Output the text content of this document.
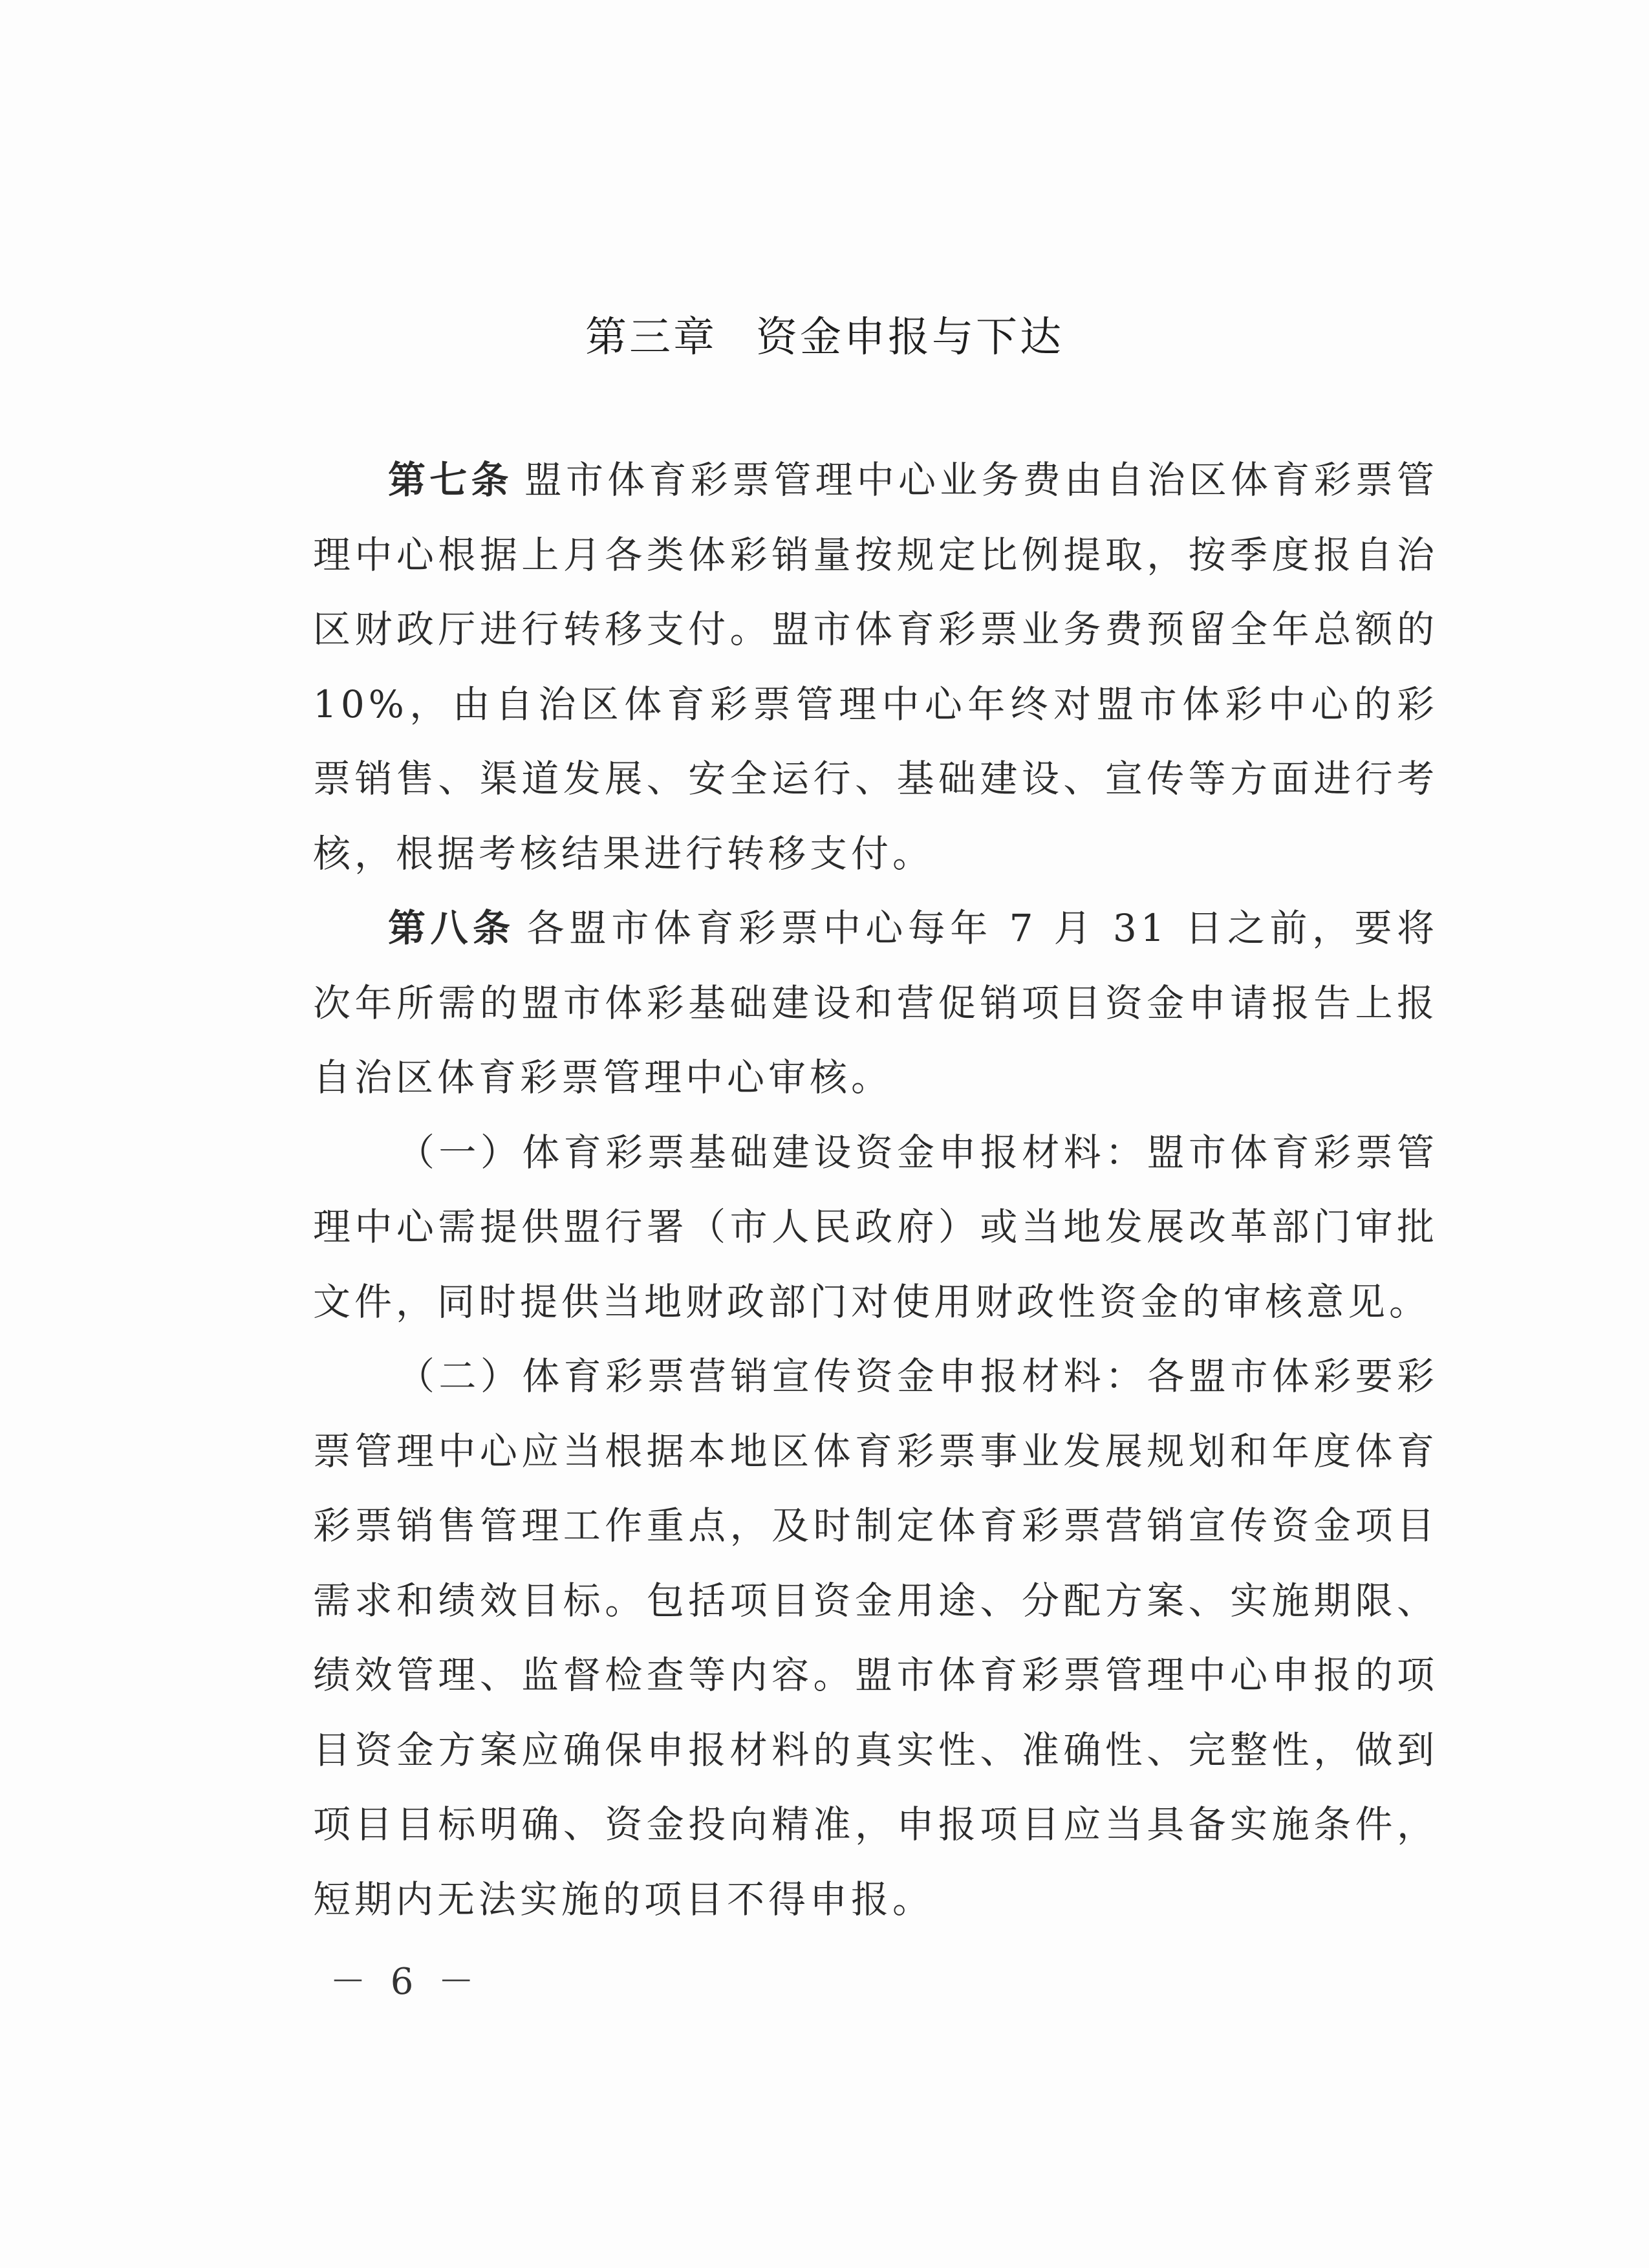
第三章 资金申报与下达

第七条 盟市体育彩票管理中心业务费由自治区体育彩票管理中心根据上月各类体彩销量按规定比例提取，按季度报自治区财政厅进行转移支付。盟市体育彩票业务费预留全年总额的10%，由自治区体育彩票管理中心年终对盟市体彩中心的彩票销售、渠道发展、安全运行、基础建设、宣传等方面进行考核，根据考核结果进行转移支付。

第八条 各盟市体育彩票中心每年 7 月 31 日之前，要将次年所需的盟市体彩基础建设和营促销项目资金申请报告上报自治区体育彩票管理中心审核。

（一）体育彩票基础建设资金申报材料：盟市体育彩票管理中心需提供盟行署（市人民政府）或当地发展改革部门审批文件，同时提供当地财政部门对使用财政性资金的审核意见。

（二）体育彩票营销宣传资金申报材料：各盟市体彩要彩票管理中心应当根据本地区体育彩票事业发展规划和年度体育彩票销售管理工作重点，及时制定体育彩票营销宣传资金项目需求和绩效目标。包括项目资金用途、分配方案、实施期限、绩效管理、监督检查等内容。盟市体育彩票管理中心申报的项目资金方案应确保申报材料的真实性、准确性、完整性，做到项目目标明确、资金投向精准，申报项目应当具备实施条件，短期内无法实施的项目不得申报。

－ 6 －
